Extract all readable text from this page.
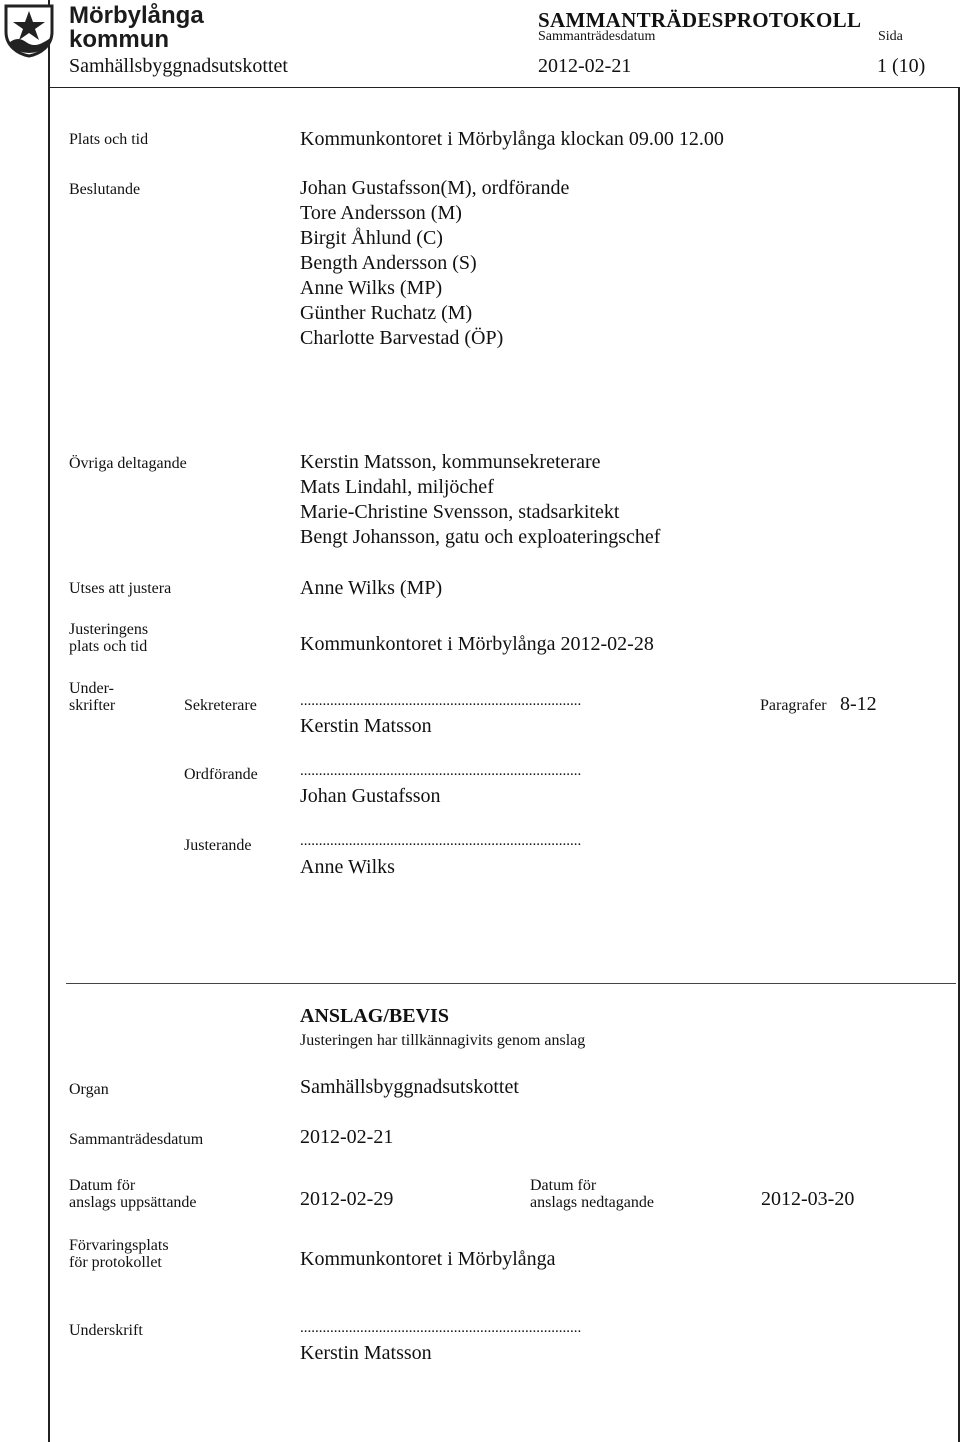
Mörbylånga
kommun
SAMMANTRÄDESPROTOKOLL
Sammanträdesdatum	Sida
Samhällsbyggnadsutskottet	2012-02-21	1 (10)
Plats och tid	Kommunkontoret i Mörbylånga klockan 09.00 12.00
Beslutande	Johan Gustafsson(M), ordförande
Tore Andersson (M)
Birgit Åhlund (C)
Bength Andersson (S)
Anne Wilks (MP)
Günther Ruchatz (M)
Charlotte Barvestad (ÖP)
Övriga deltagande	Kerstin Matsson, kommunsekreterare
Mats Lindahl, miljöchef
Marie-Christine Svensson, stadsarkitekt
Bengt Johansson, gatu och exploateringschef
Utses att justera	Anne Wilks (MP)
Justeringens
plats och tid	Kommunkontoret i Mörbylånga 2012-02-28
Under-
skrifter	Sekreterare	...........................................................................
Kerstin Matsson
Paragrafer 8-12
Ordförande	...........................................................................
Johan Gustafsson
Justerande	...........................................................................
Anne Wilks
ANSLAG/BEVIS
Justeringen har tillkännagivits genom anslag
Organ	Samhällsbyggnadsutskottet
Sammanträdesdatum	2012-02-21
Datum för
anslags uppsättande	2012-02-29
Datum för
anslags nedtagande	2012-03-20
Förvaringsplats
för protokollet	Kommunkontoret i Mörbylånga
Underskrift	...........................................................................
Kerstin Matsson
